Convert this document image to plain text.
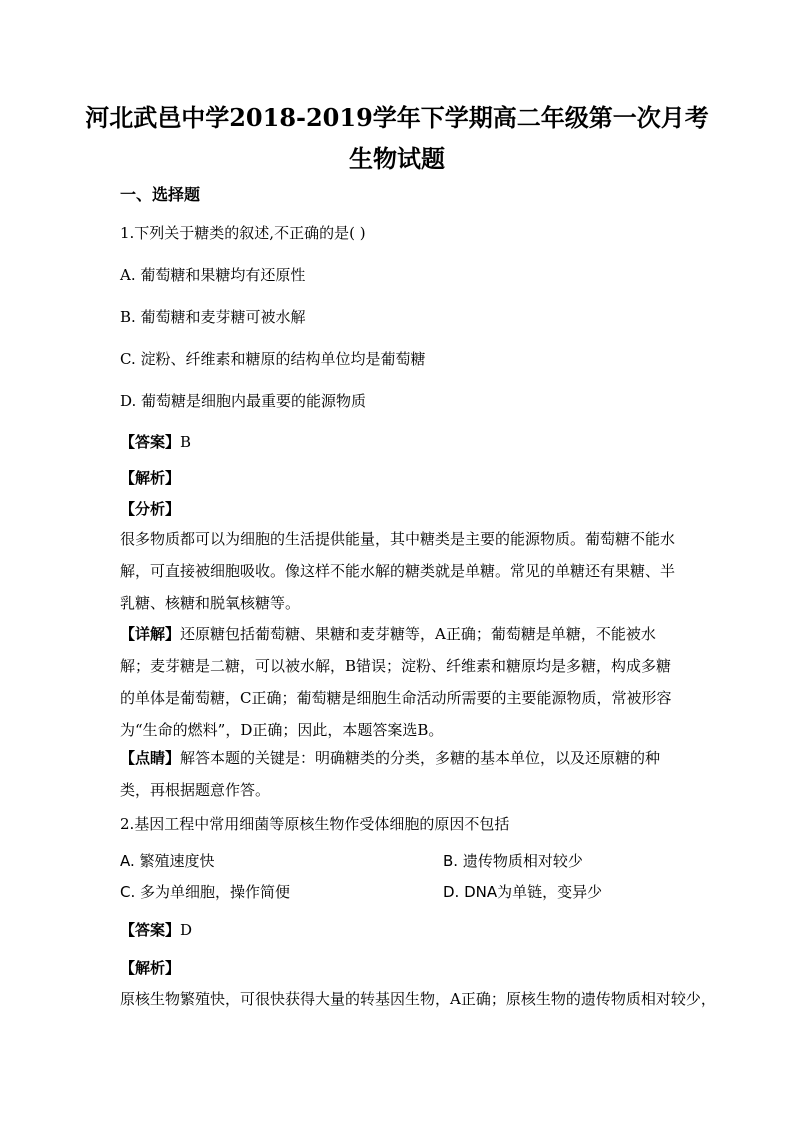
河北武邑中学2018-2019学年下学期高二年级第一次月考
生物试题
一、选择题
1.下列关于糖类的叙述,不正确的是( )
A. 葡萄糖和果糖均有还原性
B. 葡萄糖和麦芽糖可被水解
C. 淀粉、纤维素和糖原的结构单位均是葡萄糖
D. 葡萄糖是细胞内最重要的能源物质
【答案】B
【解析】
【分析】
很多物质都可以为细胞的生活提供能量，其中糖类是主要的能源物质。葡萄糖不能水解，可直接被细胞吸收。像这样不能水解的糖类就是单糖。常见的单糖还有果糖、半乳糖、核糖和脱氧核糖等。
【详解】还原糖包括葡萄糖、果糖和麦芽糖等，A正确；葡萄糖是单糖，不能被水解；麦芽糖是二糖，可以被水解，B错误；淀粉、纤维素和糖原均是多糖，构成多糖的单体是葡萄糖，C正确；葡萄糖是细胞生命活动所需要的主要能源物质，常被形容为“生命的燃料”，D正确；因此，本题答案选B。
【点睛】解答本题的关键是：明确糖类的分类，多糖的基本单位，以及还原糖的种类，再根据题意作答。
2.基因工程中常用细菌等原核生物作受体细胞的原因不包括
A. 繁殖速度快	B. 遗传物质相对较少
C. 多为单细胞，操作简便	D. DNA为单链，变异少
【答案】D
【解析】
原核生物繁殖快，可很快获得大量的转基因生物，A正确；原核生物的遗传物质相对较少，
